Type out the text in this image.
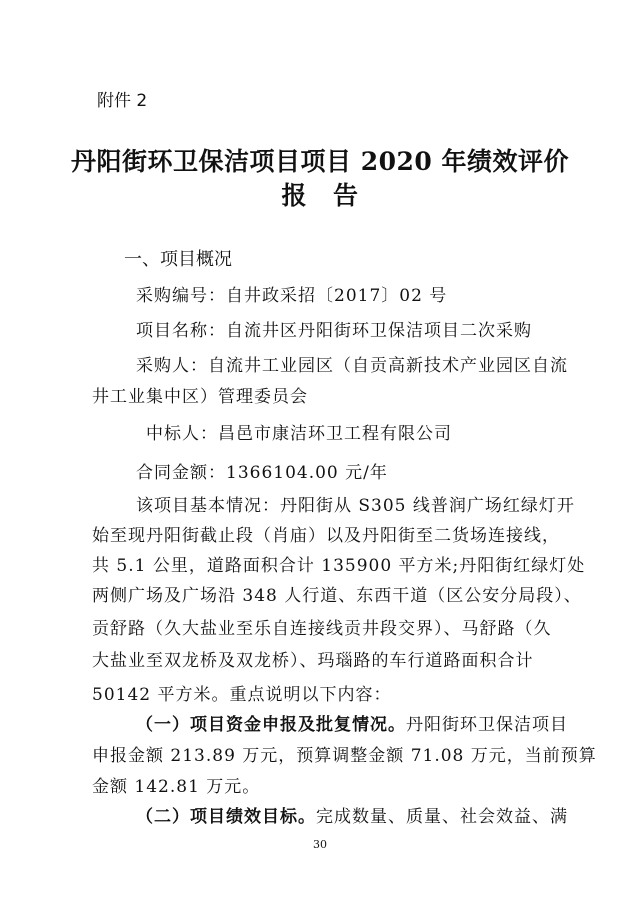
附件 2
丹阳街环卫保洁项目项目 2020 年绩效评价
报 告
一、项目概况
采购编号：自井政采招〔2017〕02 号
项目名称：自流井区丹阳街环卫保洁项目二次采购
采购人：自流井工业园区（自贡高新技术产业园区自流
井工业集中区）管理委员会
中标人：昌邑市康洁环卫工程有限公司
合同金额：1366104.00 元/年
该项目基本情况：丹阳街从 S305 线普润广场红绿灯开
始至现丹阳街截止段（肖庙）以及丹阳街至二货场连接线，
共 5.1 公里，道路面积合计 135900 平方米;丹阳街红绿灯处
两侧广场及广场沿 348 人行道、东西干道（区公安分局段）、
贡舒路（久大盐业至乐自连接线贡井段交界）、马舒路（久
大盐业至双龙桥及双龙桥）、玛瑙路的车行道路面积合计
50142 平方米。重点说明以下内容：
（一）项目资金申报及批复情况。丹阳街环卫保洁项目
申报金额 213.89 万元，预算调整金额 71.08 万元，当前预算
金额 142.81 万元。
（二）项目绩效目标。完成数量、质量、社会效益、满
30
